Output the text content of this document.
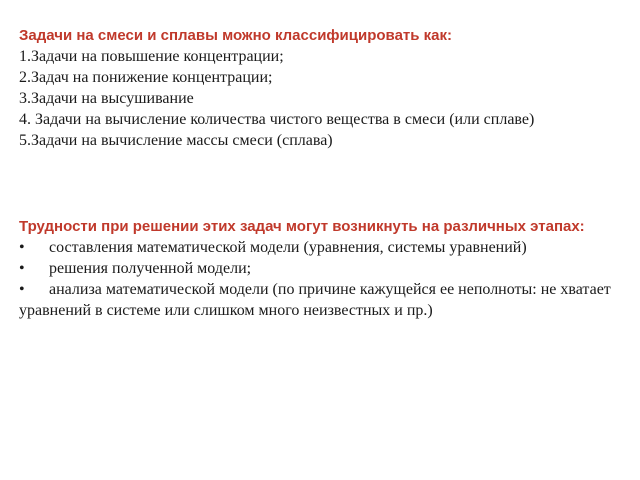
Задачи на смеси и сплавы можно классифицировать как:

1.Задачи на повышение концентрации;

2.Задач на понижение концентрации;

3.Задачи на высушивание

4. Задачи на вычисление количества чистого вещества в смеси (или сплаве)

5.Задачи на вычисление массы смеси (сплава)

Трудности при решении этих задач могут возникнуть на различных этапах:

• составления математической модели (уравнения, системы уравнений)

• решения полученной модели;

• анализа математической модели (по причине кажущейся ее неполноты: не хватает уравнений в системе или слишком много неизвестных и пр.)
